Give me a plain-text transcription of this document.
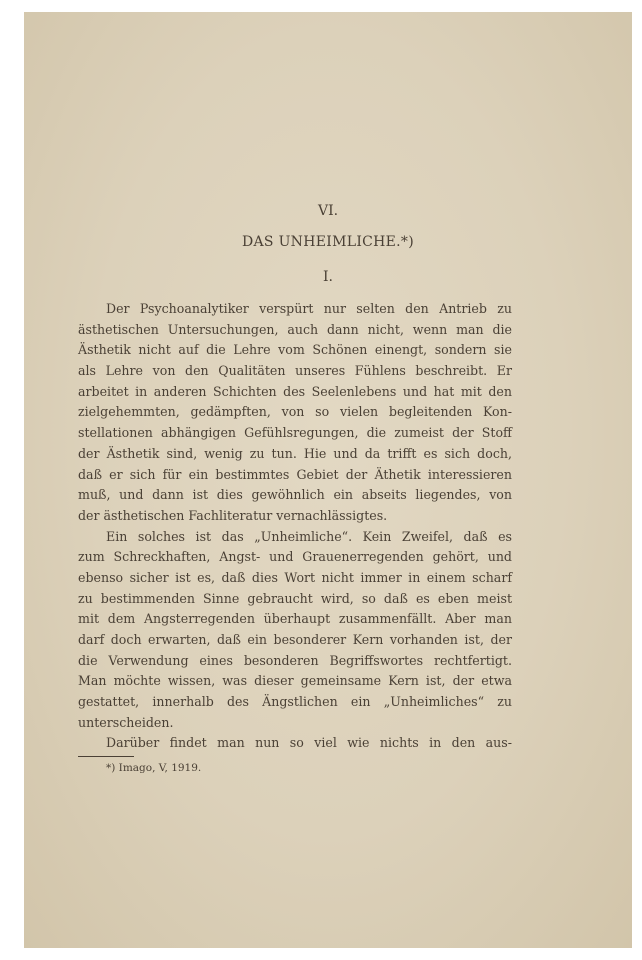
VI.
DAS UNHEIMLICHE.*)
I.
Der Psychoanalytiker verspürt nur selten den Antrieb zu
ästhetischen Untersuchungen, auch dann nicht, wenn man die
Ästhetik nicht auf die Lehre vom Schönen einengt, sondern sie
als Lehre von den Qualitäten unseres Fühlens beschreibt. Er
arbeitet in anderen Schichten des Seelenlebens und hat mit den
zielgehemmten, gedämpften, von so vielen begleitenden Kon-
stellationen abhängigen Gefühlsregungen, die zumeist der Stoff
der Ästhetik sind, wenig zu tun. Hie und da trifft es sich doch,
daß er sich für ein bestimmtes Gebiet der Äthetik interessieren
muß, und dann ist dies gewöhnlich ein abseits liegendes, von
der ästhetischen Fachliteratur vernachlässigtes.
Ein solches ist das „Unheimliche“. Kein Zweifel, daß es
zum Schreckhaften, Angst- und Grauenerregenden gehört, und
ebenso sicher ist es, daß dies Wort nicht immer in einem scharf
zu bestimmenden Sinne gebraucht wird, so daß es eben meist
mit dem Angsterregenden überhaupt zusammenfällt. Aber man
darf doch erwarten, daß ein besonderer Kern vorhanden ist, der
die Verwendung eines besonderen Begriffswortes rechtfertigt.
Man möchte wissen, was dieser gemeinsame Kern ist, der etwa
gestattet, innerhalb des Ängstlichen ein „Unheimliches“ zu
unterscheiden.
Darüber findet man nun so viel wie nichts in den aus-
*) Imago, V, 1919.
